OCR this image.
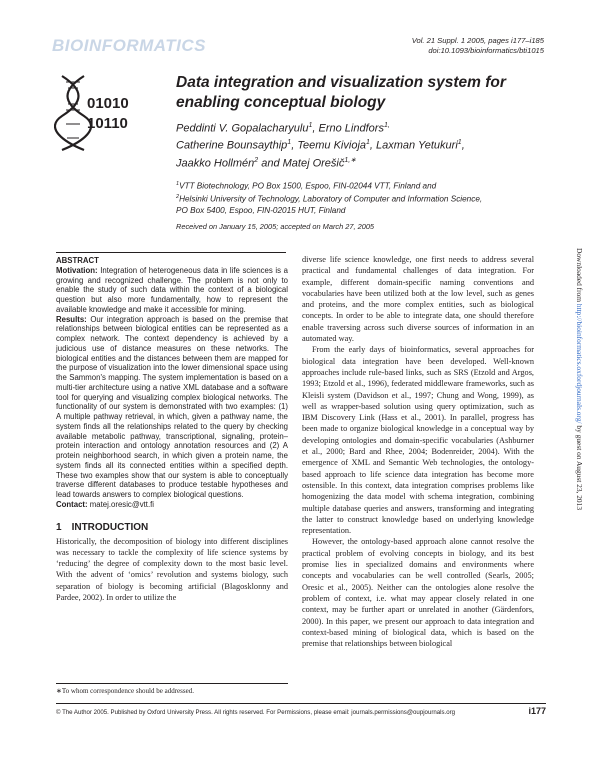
BIOINFORMATICS	Vol. 21 Suppl. 1 2005, pages i177–i185
doi:10.1093/bioinformatics/bti1015
01010
10110
Data integration and visualization system for enabling conceptual biology
Peddinti V. Gopalacharyulu$^1$, Erno Lindfors$^{1,}$
Catherine Bounsaythip$^1$, Teemu Kivioja$^1$, Laxman Yetukuri$^1$,
Jaakko Hollmén$^2$ and Matej Orešič$^{1,∗}$
$^1$VTT Biotechnology, PO Box 1500, Espoo, FIN-02044 VTT, Finland and
$^2$Helsinki University of Technology, Laboratory of Computer and Information Science,
PO Box 5400, Espoo, FIN-02015 HUT, Finland
Received on January 15, 2005; accepted on March 27, 2005
ABSTRACT

Motivation: Integration of heterogeneous data in life sciences is a growing and recognized challenge. The problem is not only to enable the study of such data within the context of a biological question but also more fundamentally, how to represent the available knowledge and make it accessible for mining.

Results: Our integration approach is based on the premise that relationships between biological entities can be represented as a complex network. The context dependency is achieved by a judicious use of distance measures on these networks. The biological entities and the distances between them are mapped for the purpose of visualization into the lower dimensional space using the Sammon's mapping. The system implementation is based on a multi-tier architecture using a native XML database and a software tool for querying and visualizing complex biological networks. The functionality of our system is demonstrated with two examples: (1) A multiple pathway retrieval, in which, given a pathway name, the system finds all the relationships related to the query by checking available metabolic pathway, transcriptional, signaling, protein–protein interaction and ontology annotation resources and (2) A protein neighborhood search, in which given a protein name, the system finds all its connected entities within a specified depth. These two examples show that our system is able to conceptually traverse different databases to produce testable hypotheses and lead towards answers to complex biological questions.

Contact: matej.oresic@vtt.fi

1 INTRODUCTION

Historically, the decomposition of biology into different disciplines was necessary to tackle the complexity of life science systems by ‘reducing’ the degree of complexity down to the most basic level. With the advent of ‘omics’ revolution and systems biology, such separation of biology is becoming artificial (Blagosklonny and Pardee, 2002). In order to utilize the

∗To whom correspondence should be addressed.

diverse life science knowledge, one first needs to address several practical and fundamental challenges of data integration. For example, different domain-specific naming conventions and vocabularies have been utilized both at the low level, such as genes and proteins, and the more complex entities, such as biological concepts. In order to be able to integrate data, one should therefore enable traversing across such diverse sources of information in an automated way.

From the early days of bioinformatics, several approaches for biological data integration have been developed. Well-known approaches include rule-based links, such as SRS (Etzold and Argos, 1993; Etzold et al., 1996), federated middleware frameworks, such as Kleisli system (Davidson et al., 1997; Chung and Wong, 1999), as well as wrapper-based solution using query optimization, such as IBM Discovery Link (Hass et al., 2001). In parallel, progress has been made to organize biological knowledge in a conceptual way by developing ontologies and domain-specific vocabularies (Ashburner et al., 2000; Bard and Rhee, 2004; Bodenreider, 2004). With the emergence of XML and Semantic Web technologies, the ontology-based approach to life science data integration has become more ostensible. In this context, data integration comprises problems like homogenizing the data model with schema integration, combining multiple database queries and answers, transforming and integrating the latter to construct knowledge based on underlying knowledge representation.

However, the ontology-based approach alone cannot resolve the practical problem of evolving concepts in biology, and its best promise lies in specialized domains and environments where concepts and vocabularies can be well controlled (Searls, 2005; Oresic et al., 2005). Neither can the ontologies alone resolve the problem of context, i.e. what may appear closely related in one context, may be further apart or unrelated in another (Gärdenfors, 2000). In this paper, we present our approach to data integration and context-based mining of biological data, which is based on the premise that relationships between biological

Downloaded from http://bioinformatics.oxfordjournals.org/ by guest on August 23, 2013
© The Author 2005. Published by Oxford University Press. All rights reserved. For Permissions, please email: journals.permissions@oupjournals.org	i177
